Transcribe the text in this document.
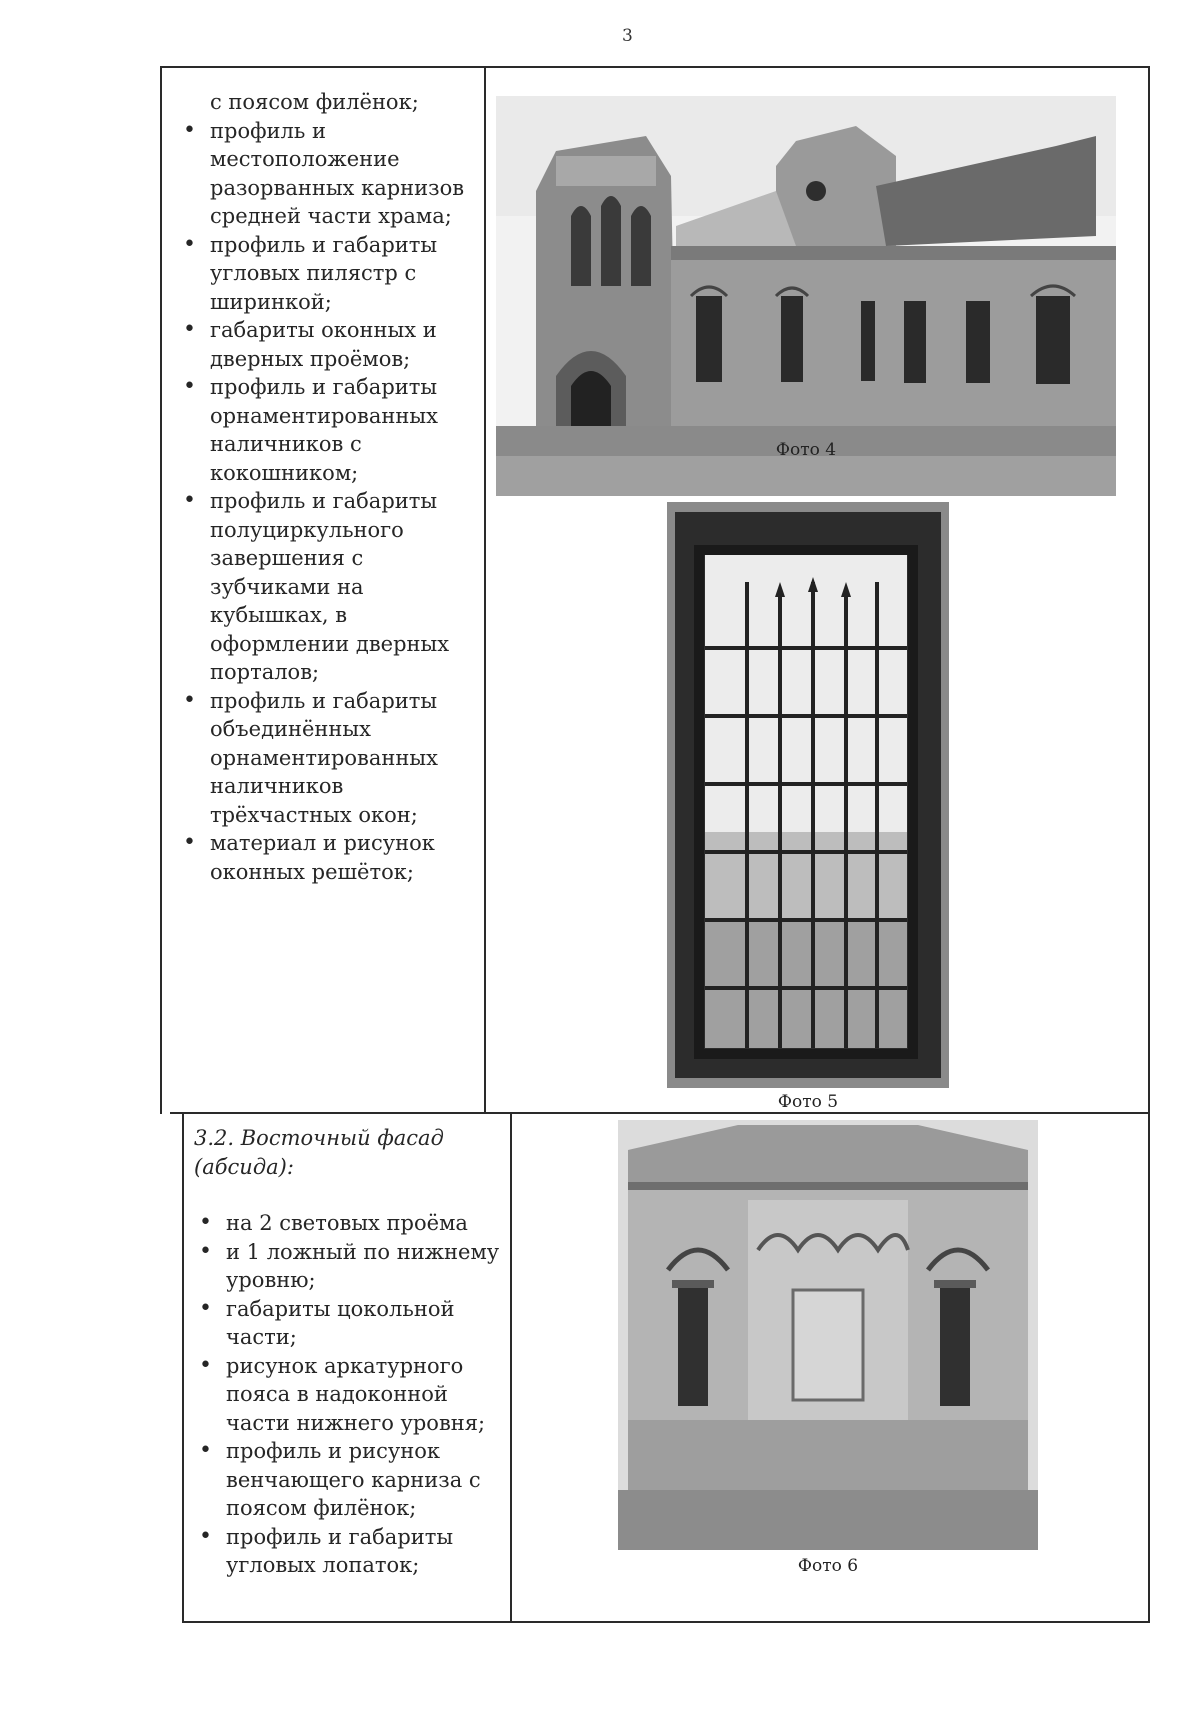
3
с поясом филёнок;
• профиль и местоположение разорванных карнизов средней части храма;
• профиль и габариты угловых пилястр с ширинкой;
• габариты оконных и дверных проёмов;
• профиль и габариты орнаментированных наличников с кокошником;
• профиль и габариты полуциркульного завершения с зубчиками на кубышках, в оформлении дверных порталов;
• профиль и габариты объединённых орнаментированных наличников трёхчастных окон;
• материал и рисунок оконных решёток;
Фото 4
Фото 5
3.2. Восточный фасад
(абсида):
• на 2 световых проёма
• и 1 ложный по нижнему уровню;
• габариты цокольной части;
• рисунок аркатурного пояса в надоконной части нижнего уровня;
• профиль и рисунок венчающего карниза с поясом филёнок;
• профиль и габариты угловых лопаток;	Фото 6
